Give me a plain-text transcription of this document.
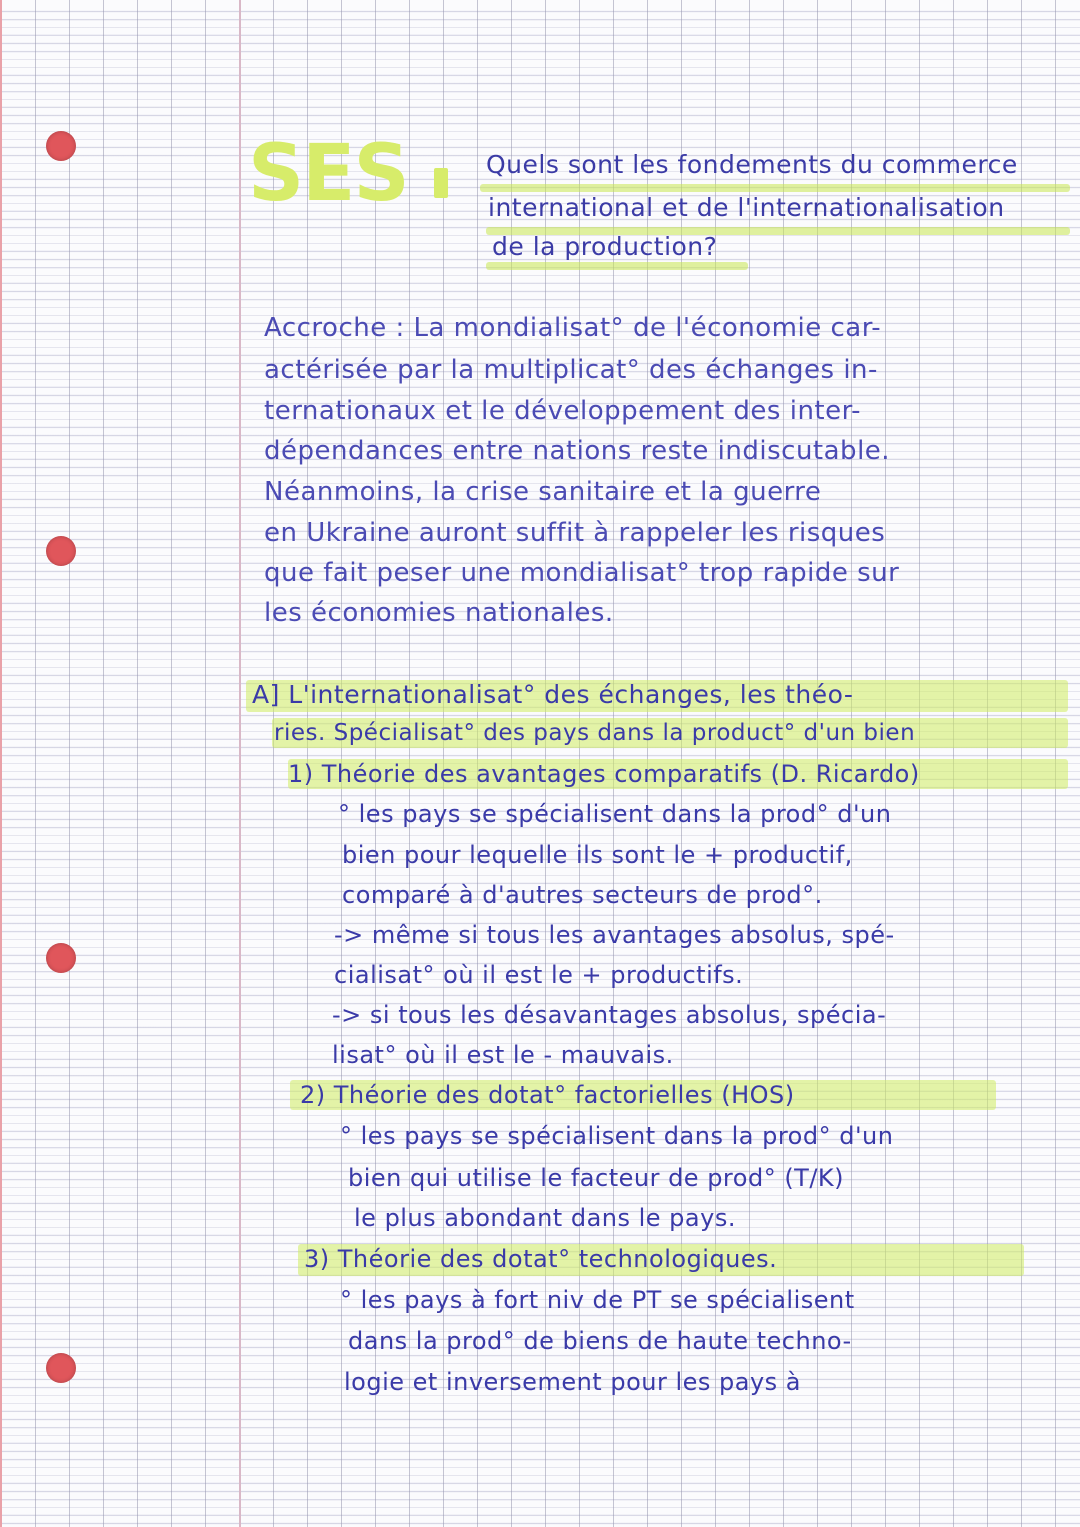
SES	Quels sont les fondements du commerce
international et de l'internationalisation
de la production?
Accroche : La mondialisat° de l'économie car-
actérisée par la multiplicat° des échanges in-
ternationaux et le développement des inter-
dépendances entre nations reste indiscutable.
Néanmoins, la crise sanitaire et la guerre
en Ukraine auront suffit à rappeler les risques
que fait peser une mondialisat° trop rapide sur
les économies nationales.
A] L'internationalisat° des échanges, les théo-
ries. Spécialisat° des pays dans la product° d'un bien
1) Théorie des avantages comparatifs (D. Ricardo)
° les pays se spécialisent dans la prod° d'un
bien pour lequelle ils sont le + productif,
comparé à d'autres secteurs de prod°.
-> même si tous les avantages absolus, spé-
cialisat° où il est le + productifs.
-> si tous les désavantages absolus, spécia-
lisat° où il est le - mauvais.
2) Théorie des dotat° factorielles (HOS)
° les pays se spécialisent dans la prod° d'un
bien qui utilise le facteur de prod° (T/K)
le plus abondant dans le pays.
3) Théorie des dotat° technologiques.
° les pays à fort niv de PT se spécialisent
dans la prod° de biens de haute techno-
logie et inversement pour les pays à
